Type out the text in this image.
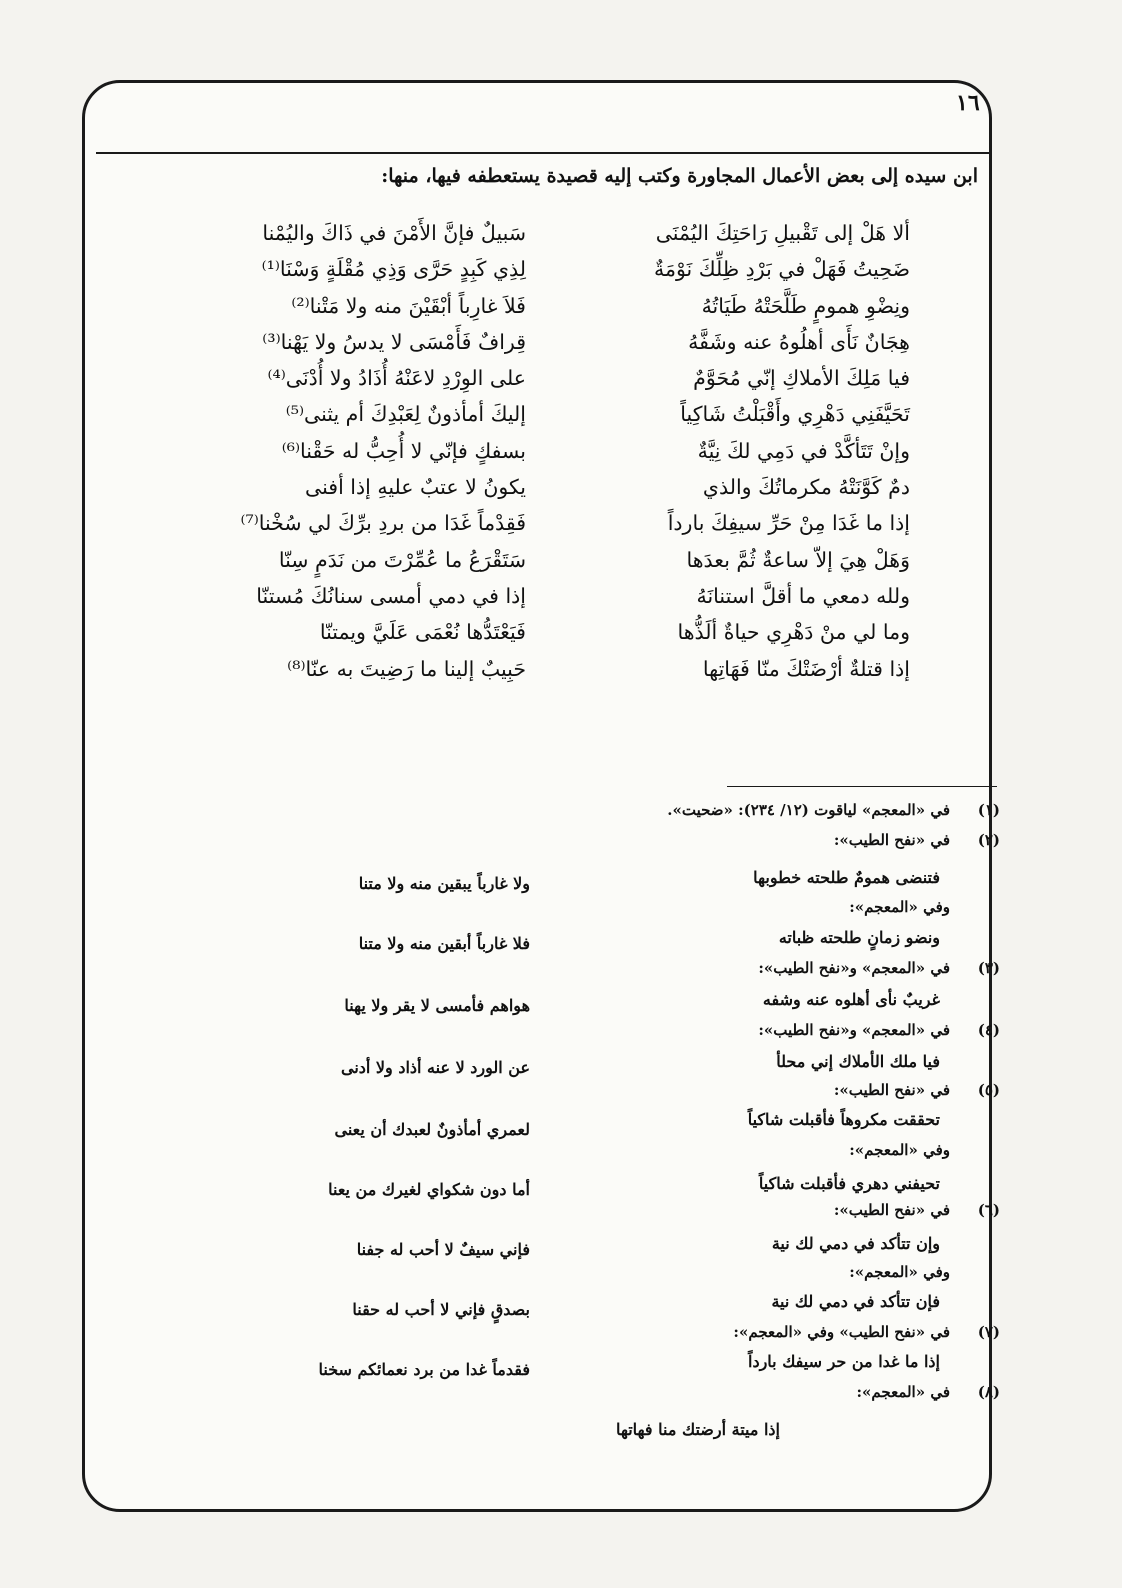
١٦
ابن سيده إلى بعض الأعمال المجاورة وكتب إليه قصيدة يستعطفه فيها، منها:
ألا هَلْ إلى تَقْبيلِ رَاحَتِكَ اليُمْنَى
ضَحِيتُ فَهَلْ في بَرْدِ ظِلِّكَ نَوْمَةٌ
ونِضْوِ همومٍ طَلَّحَتْهُ طَيَاتُهُ
هِجَانٌ نَأَى أهلُوهُ عنه وشَفَّهُ
فيا مَلِكَ الأملاكِ إنّي مُحَوَّمٌ
تَحَيَّفَنِي دَهْرِي وأَقْبَلْتُ شَاكِياً
وإنْ تَتَأكَّدْ في دَمِي لكَ نِيَّةٌ
دمٌ كَوَّنَتْهُ مكرماتُكَ والذي
إذا ما غَدَا مِنْ حَرِّ سيفِكَ بارداً
وَهَلْ هِيَ إلاّ ساعةٌ ثُمَّ بعدَها
ولله دمعي ما أقلَّ استنانَهُ
وما لي منْ دَهْرِي حياةٌ ألَذُّها
إذا قتلةٌ أرْضَتْكَ منّا فَهَاتِها
سَبيلٌ فإنَّ الأَمْنَ في ذَاكَ واليُمْنا
لِذِي كَبِدٍ حَرَّى وَذِي مُقْلَةٍ وَسْنَا⁽¹⁾
فَلاَ غارِباً أبْقَيْنَ منه ولا مَتْنا⁽²⁾
قِرافٌ فَأَمْسَى لا يدسُ ولا يَهْنا⁽³⁾
على الوِرْدِ لاعَنْهُ أُذَادُ ولا أُدْنَى⁽⁴⁾
إليكَ أمأذونٌ لِعَبْدِكَ أم يثنى⁽⁵⁾
بسفكٍ فإنّي لا أُحِبُّ له حَقْنا⁽⁶⁾
يكونُ لا عتبٌ عليهِ إذا أفنى
فَقِدْماً غَدَا من بردِ برِّكَ لي سُخْنا⁽⁷⁾
سَتَقْرَعُ ما عُمِّرْتَ من نَدَمٍ سِنّا
إذا في دمي أمسى سنانُكَ مُستنّا
فَيَعْتَدُّها نُعْمَى عَلَيَّ ويمتنّا
حَبِيبٌ إلينا ما رَضِيتَ به عنّا⁽⁸⁾
(١)
في «المعجم» لياقوت (١٢/ ٢٣٤): «ضحيت».
(٢)
في «نفح الطيب»:
فتنضى همومٌ طلحته خطوبها
ولا غارباً يبقين منه ولا متنا
وفي «المعجم»:
ونضو زمانٍ طلحته ظباته
فلا غارباً أبقين منه ولا متنا
(٣)
في «المعجم» و«نفح الطيب»:
غريبٌ نأى أهلوه عنه وشفه
هواهم فأمسى لا يقر ولا يهنا
(٤)
في «المعجم» و«نفح الطيب»:
فيا ملك الأملاك إني محلأ
عن الورد لا عنه أذاد ولا أدنى
(٥)
في «نفح الطيب»:
تحققت مكروهاً فأقبلت شاكياً
لعمري أمأذونٌ لعبدك أن يعنى
وفي «المعجم»:
تحيفني دهري فأقبلت شاكياً
أما دون شكواي لغيرك من يعنا
(٦)
في «نفح الطيب»:
وإن تتأكد في دمي لك نية
فإني سيفٌ لا أحب له جفنا
وفي «المعجم»:
فإن تتأكد في دمي لك نية
بصدقٍ فإني لا أحب له حقنا
(٧)
في «نفح الطيب» وفي «المعجم»:
إذا ما غدا من حر سيفك بارداً
فقدماً غدا من برد نعمائكم سخنا
(٨)
في «المعجم»:
إذا ميتة أرضتك منا فهاتها
